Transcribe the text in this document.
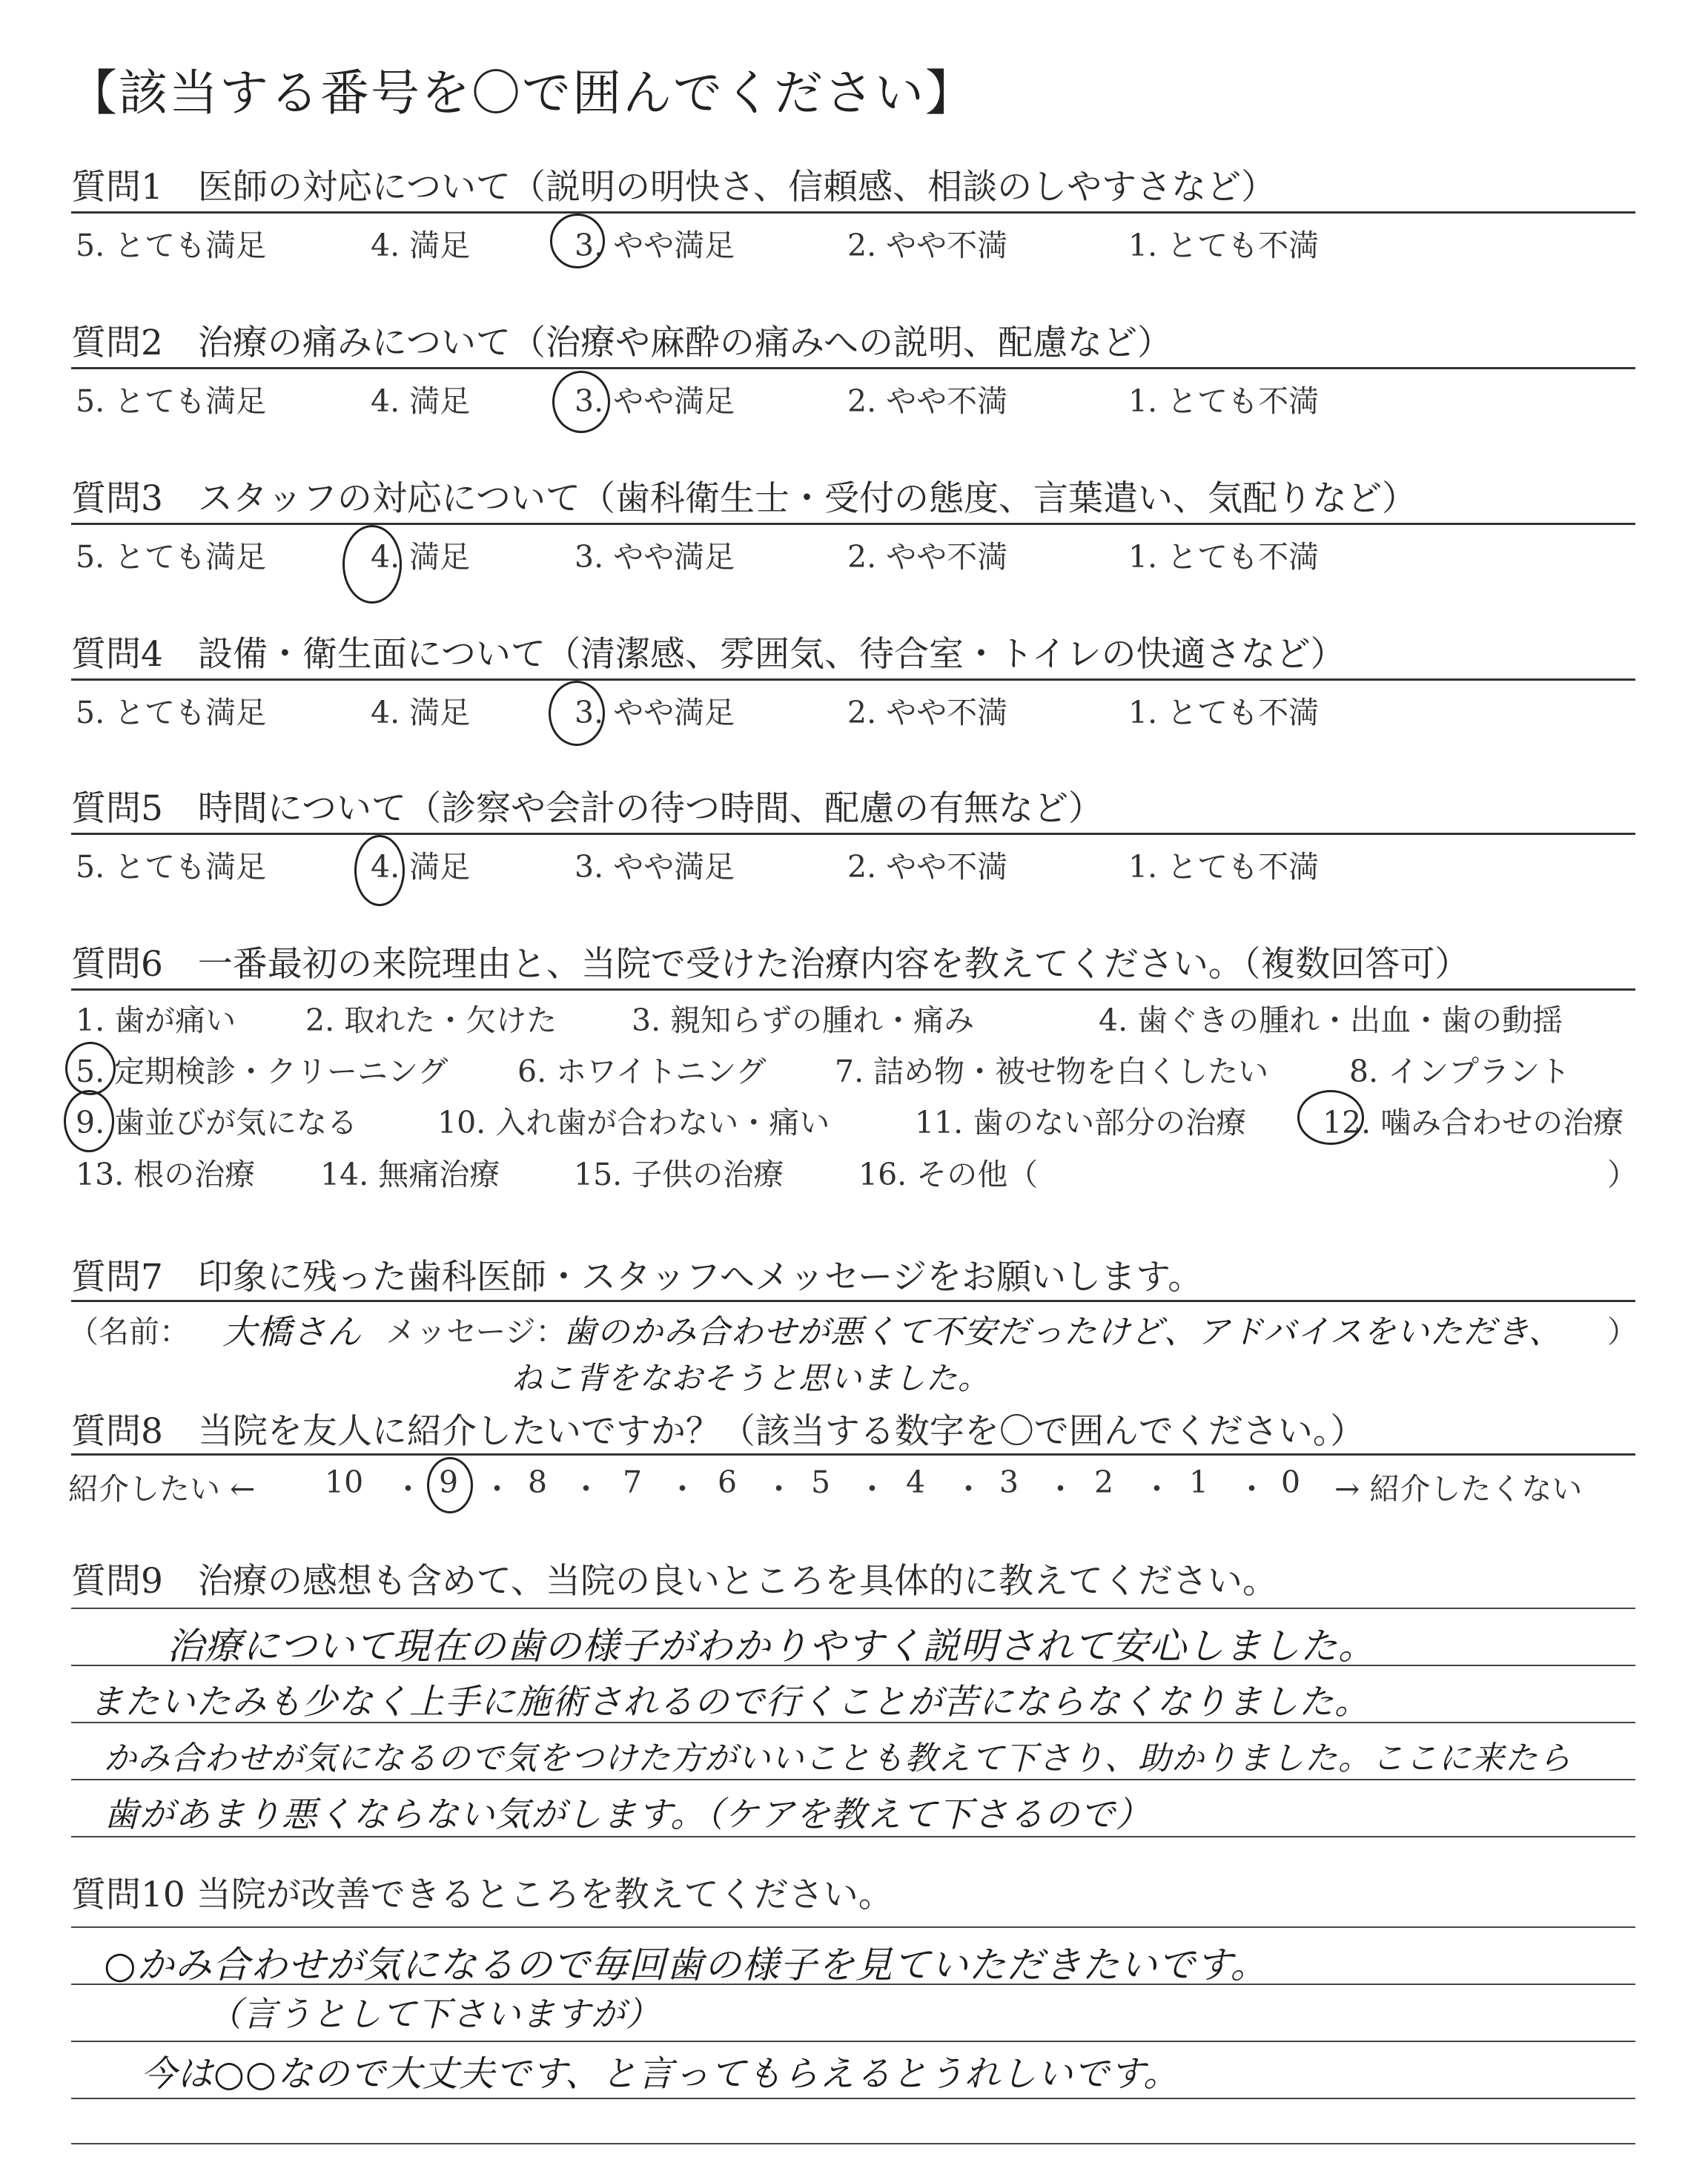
【該当する番号を〇で囲んでください】
質問1　医師の対応について（説明の明快さ、信頼感、相談のしやすさなど）
5. とても満足	4. 満足	3. やや満足	2. やや不満	1. とても不満
質問2　治療の痛みについて（治療や麻酔の痛みへの説明、配慮など）
5. とても満足	4. 満足	3. やや満足	2. やや不満	1. とても不満
質問3　スタッフの対応について（歯科衛生士・受付の態度、言葉遣い、気配りなど）
5. とても満足	4. 満足	3. やや満足	2. やや不満	1. とても不満
質問4　設備・衛生面について（清潔感、雰囲気、待合室・トイレの快適さなど）
5. とても満足	4. 満足	3. やや満足	2. やや不満	1. とても不満
質問5　時間について（診察や会計の待つ時間、配慮の有無など）
5. とても満足	4. 満足	3. やや満足	2. やや不満	1. とても不満
質問6　一番最初の来院理由と、当院で受けた治療内容を教えてください。（複数回答可）
1. 歯が痛い 2. 取れた・欠けた 3. 親知らずの腫れ・痛み	4. 歯ぐきの腫れ・出血・歯の動揺
5. 定期検診・クリーニング 6. ホワイトニング 7. 詰め物・被せ物を白くしたい	8. インプラント
9. 歯並びが気になる	10. 入れ歯が合わない・痛い	11. 歯のない部分の治療	12. 噛み合わせの治療
13. 根の治療 14. 無痛治療 15. 子供の治療 16. その他（	）
質問7　印象に残った歯科医師・スタッフへメッセージをお願いします。
（名前： 大橋さん メッセージ：
歯のかみ合わせが悪くて不安だったけど、アドバイスをいただき、 ）
ねこ背をなおそうと思いました。
質問8　当院を友人に紹介したいですか？（該当する数字を〇で囲んでください。）
紹介したい ← 10 ・ 9 ・ 8 ・ 7 ・ 6 ・ 5 ・ 4 ・ 3 ・ 2 ・ 1 ・ 0 → 紹介したくない
質問9　治療の感想も含めて、当院の良いところを具体的に教えてください。
治療について現在の歯の様子がわかりやすく説明されて安心しました。
またいたみも少なく上手に施術されるので行くことが苦にならなくなりました。
かみ合わせが気になるので気をつけた方がいいことも教えて下さり、助かりました。ここに来たら
歯があまり悪くならない気がします。（ケアを教えて下さるので）
質問10 当院が改善できるところを教えてください。
○かみ合わせが気になるので毎回歯の様子を見ていただきたいです。
（言うとして下さいますが）
今は○○なので大丈夫です、と言ってもらえるとうれしいです。
